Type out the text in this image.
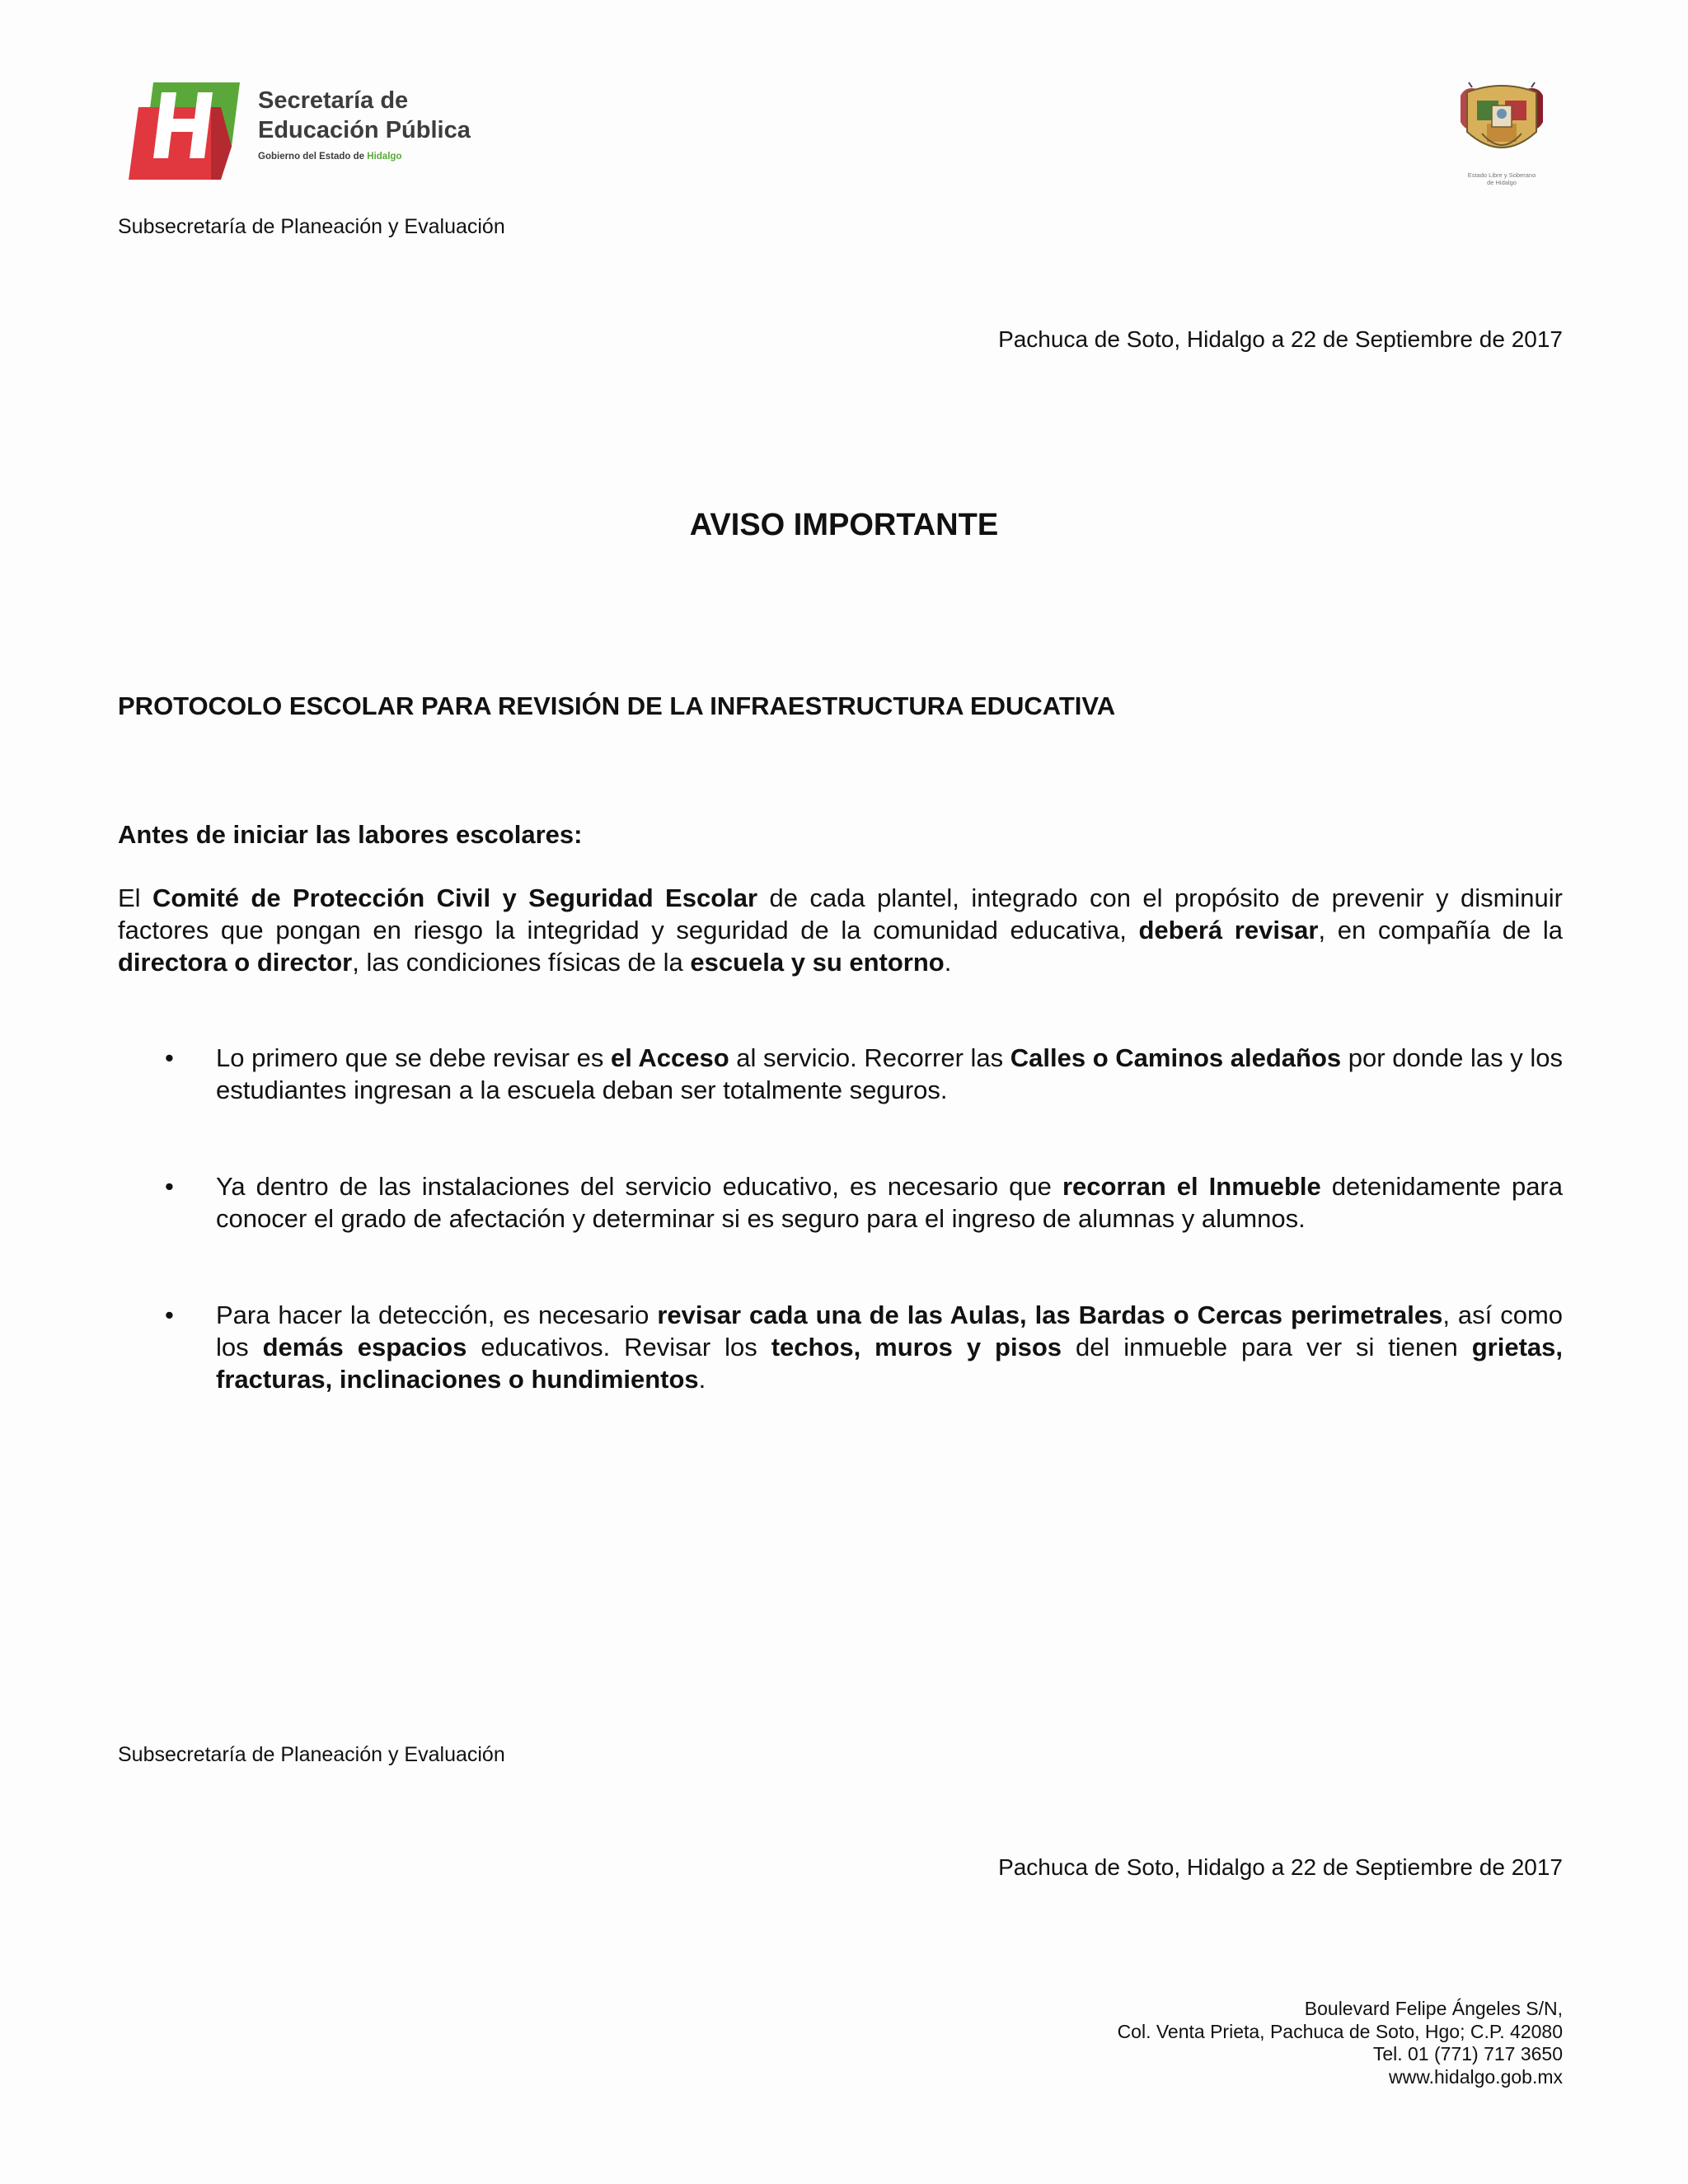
Secretaría de
Educación Pública
Gobierno del Estado de Hidalgo
Estado Libre y Soberano
de Hidalgo
Subsecretaría de Planeación y Evaluación
Pachuca de Soto, Hidalgo a 22 de Septiembre de 2017
AVISO IMPORTANTE
PROTOCOLO ESCOLAR PARA REVISIÓN DE LA INFRAESTRUCTURA EDUCATIVA
Antes de iniciar las labores escolares:
El Comité de Protección Civil y Seguridad Escolar de cada plantel, integrado con el propósito de prevenir y disminuir factores que pongan en riesgo la integridad y seguridad de la comunidad educativa, deberá revisar, en compañía de la directora o director, las condiciones físicas de la escuela y su entorno.
• Lo primero que se debe revisar es el Acceso al servicio. Recorrer las Calles o Caminos aledaños por donde las y los estudiantes ingresan a la escuela deban ser totalmente seguros.
• Ya dentro de las instalaciones del servicio educativo, es necesario que recorran el Inmueble detenidamente para conocer el grado de afectación y determinar si es seguro para el ingreso de alumnas y alumnos.
• Para hacer la detección, es necesario revisar cada una de las Aulas, las Bardas o Cercas perimetrales, así como los demás espacios educativos. Revisar los techos, muros y pisos del inmueble para ver si tienen grietas, fracturas, inclinaciones o hundimientos.
Subsecretaría de Planeación y Evaluación
Pachuca de Soto, Hidalgo a 22 de Septiembre de 2017
Boulevard Felipe Ángeles S/N,
Col. Venta Prieta, Pachuca de Soto, Hgo; C.P. 42080
Tel. 01 (771) 717 3650
www.hidalgo.gob.mx
